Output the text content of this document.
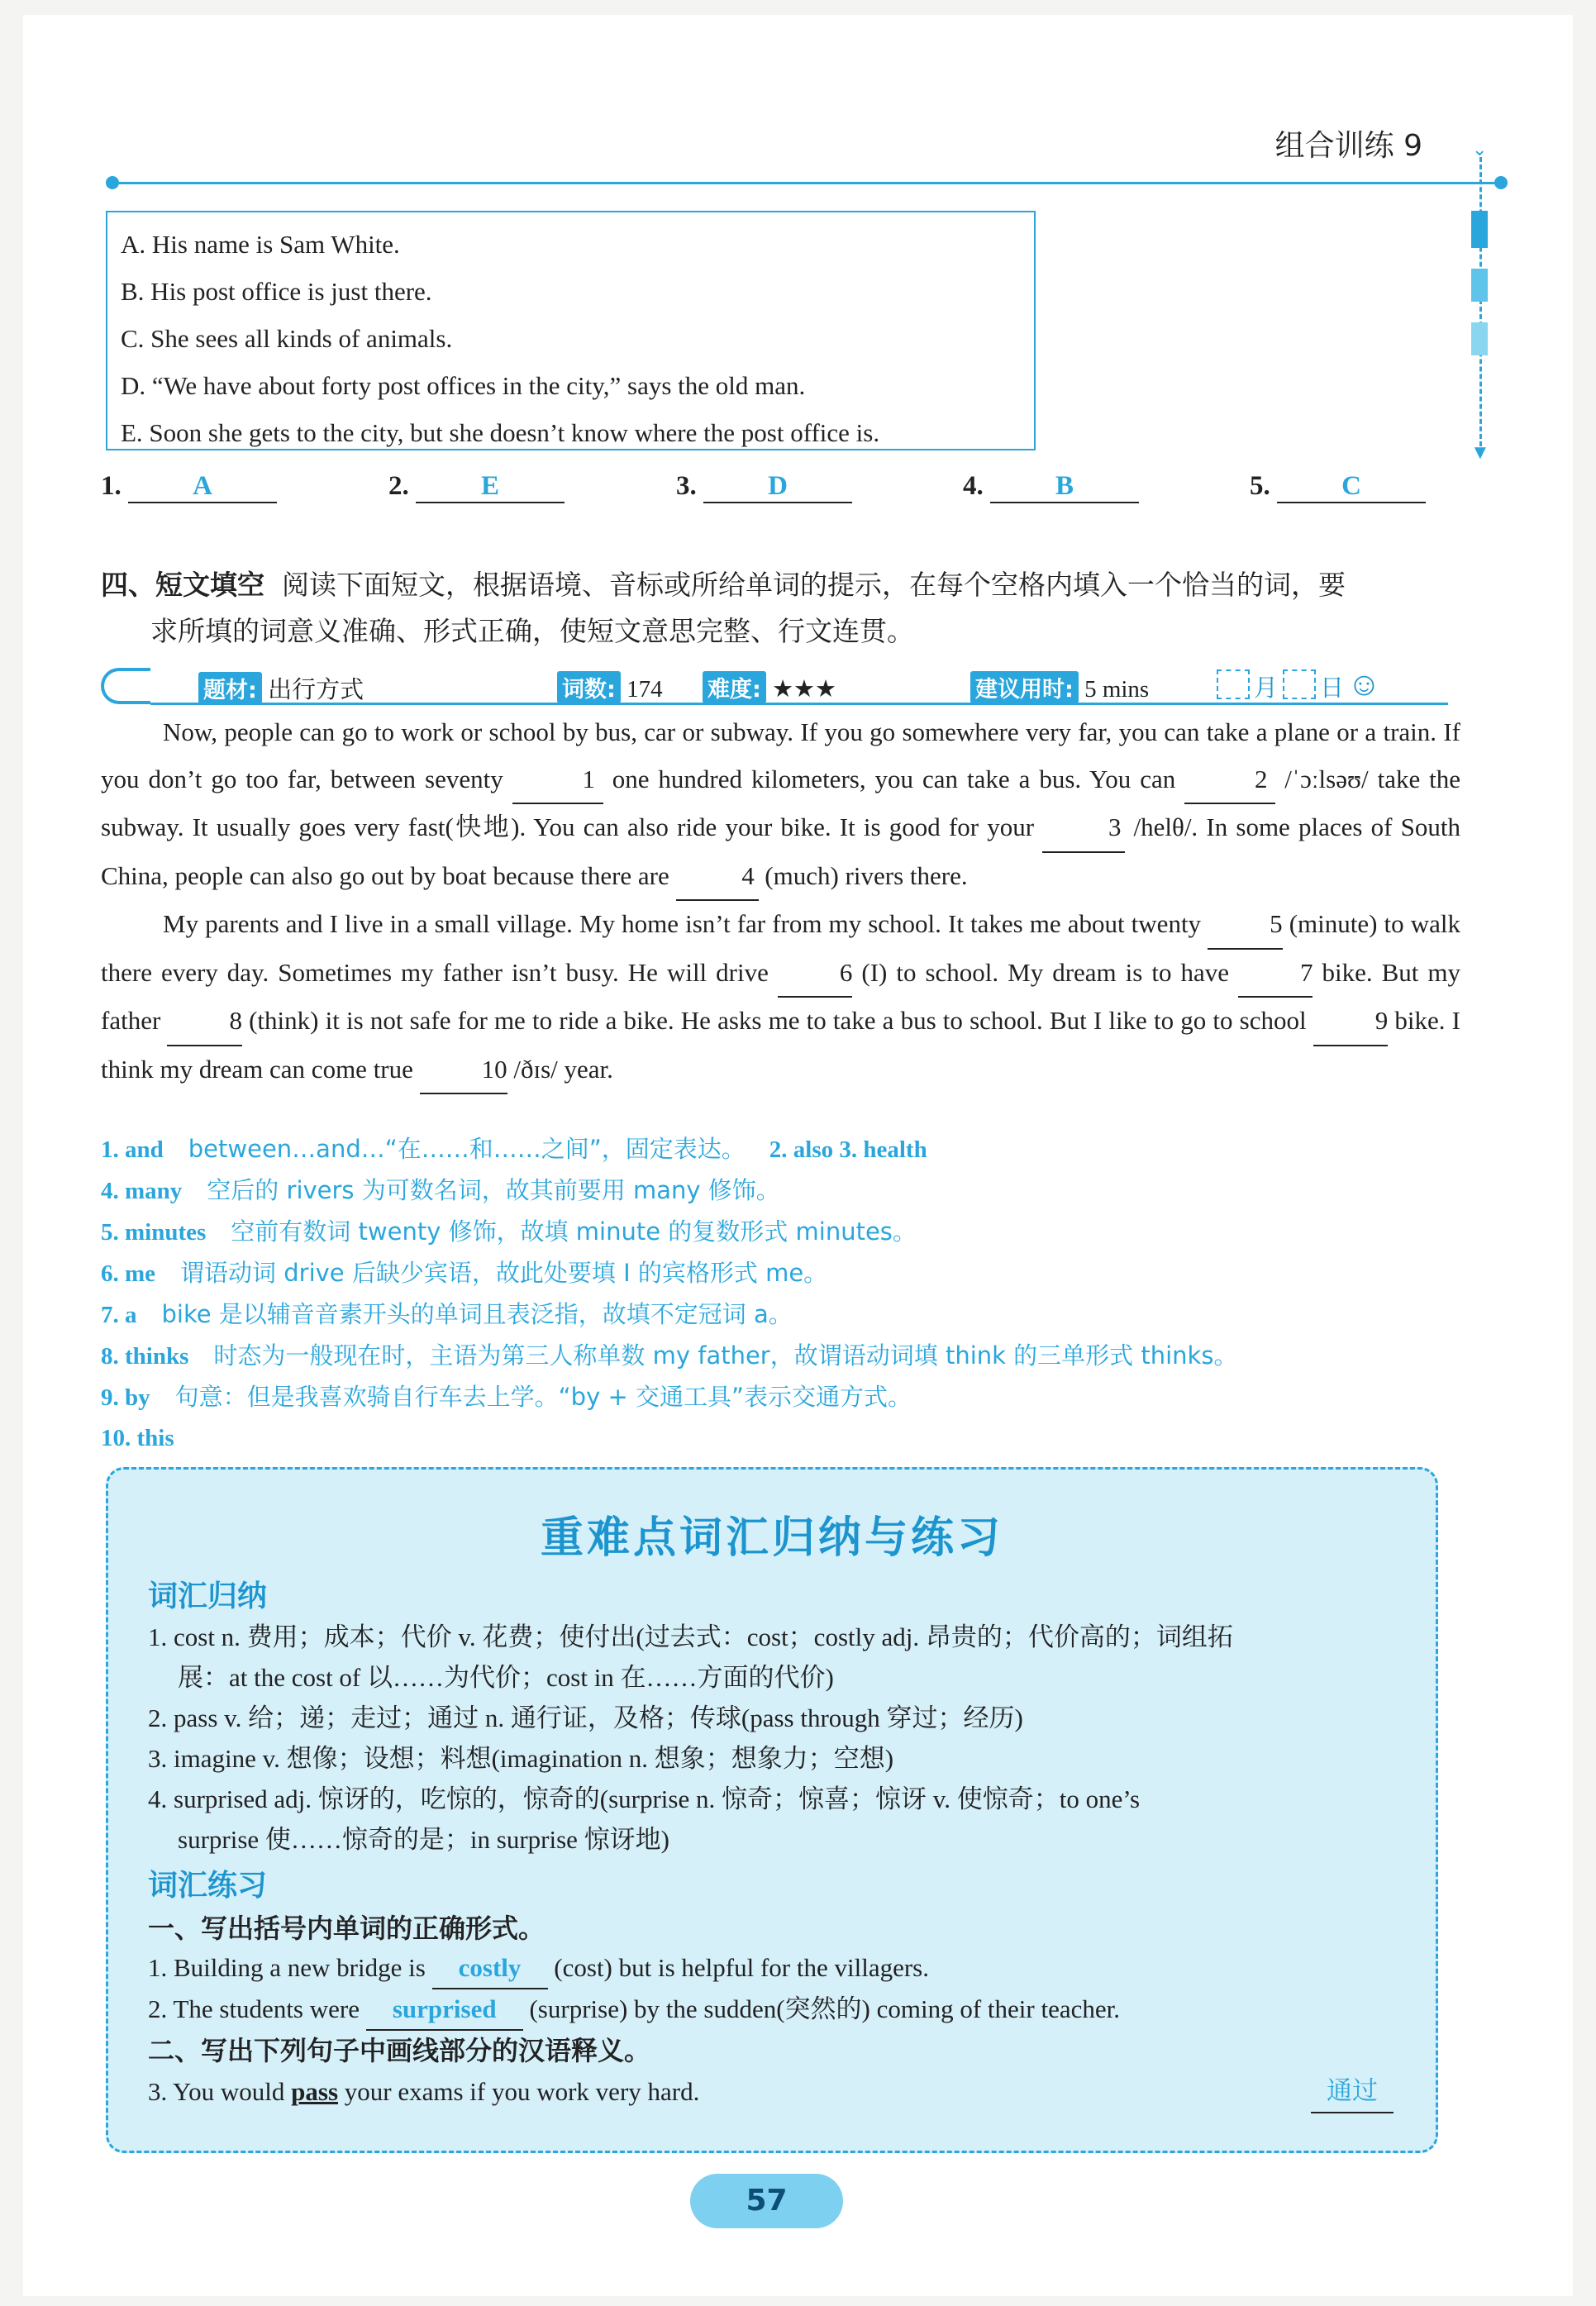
组合训练 9
▼
⌄
A. His name is Sam White.
B. His post office is just there.
C. She sees all kinds of animals.
D. “We have about forty post offices in the city,” says the old man.
E. Soon she gets to the city, but she doesn’t know where the post office is.
1.	A	2.	E	3.	D	4.	B	5.	C
四、短文填空 阅读下面短文，根据语境、音标或所给单词的提示，在每个空格内填入一个恰当的词，要
求所填的词意义准确、形式正确，使短文意思完整、行文连贯。
题材: 出行方式	词数: 174 难度: ★★★	建议用时: 5 mins	月 日 ☺

Now, people can go to work or school by bus, car or subway. If you go somewhere very far, you can take a plane or a train. If you don’t go too far, between seventy	1 one hundred kilometers, you can take a bus. You can	2 /ˈɔːlsəʊ/ take the subway. It usually goes very fast(快地). You can also ride your bike. It is good for your	3 /helθ/. In some places of South China, people can also go out by boat because there are	4 (much) rivers there.

My parents and I live in a small village. My home isn’t far from my school. It takes me about twenty	5 (minute) to walk there every day. Sometimes my father isn’t busy. He will drive	6 (I) to school. My dream is to have	7 bike. But my father	8 (think) it is not safe for me to ride a bike. He asks me to take a bus to school. But I like to go to school	9 bike. I think my dream can come true	10 /ðɪs/ year.

1. and between…and…“在……和……之间”，固定表达。 2. also 3. health
4. many 空后的 rivers 为可数名词，故其前要用 many 修饰。
5. minutes 空前有数词 twenty 修饰，故填 minute 的复数形式 minutes。
6. me 谓语动词 drive 后缺少宾语，故此处要填 I 的宾格形式 me。
7. a bike 是以辅音音素开头的单词且表泛指，故填不定冠词 a。
8. thinks 时态为一般现在时，主语为第三人称单数 my father，故谓语动词填 think 的三单形式 thinks。
9. by 句意：但是我喜欢骑自行车去上学。“by + 交通工具”表示交通方式。
10. this
重难点词汇归纳与练习
词汇归纳
1. cost n. 费用；成本；代价 v. 花费；使付出(过去式：cost；costly adj. 昂贵的；代价高的；词组拓
展：at the cost of 以……为代价；cost in 在……方面的代价)
2. pass v. 给；递；走过；通过 n. 通行证，及格；传球(pass through 穿过；经历)
3. imagine v. 想像；设想；料想(imagination n. 想象；想象力；空想)
4. surprised adj. 惊讶的，吃惊的，惊奇的(surprise n. 惊奇；惊喜；惊讶 v. 使惊奇；to one’s
surprise 使……惊奇的是；in surprise 惊讶地)
词汇练习
一、写出括号内单词的正确形式。
1. Building a new bridge is costly (cost) but is helpful for the villagers.
2. The students were surprised (surprise) by the sudden(突然的) coming of their teacher.
二、写出下列句子中画线部分的汉语释义。
3. You would pass your exams if you work very hard.	通过
57
